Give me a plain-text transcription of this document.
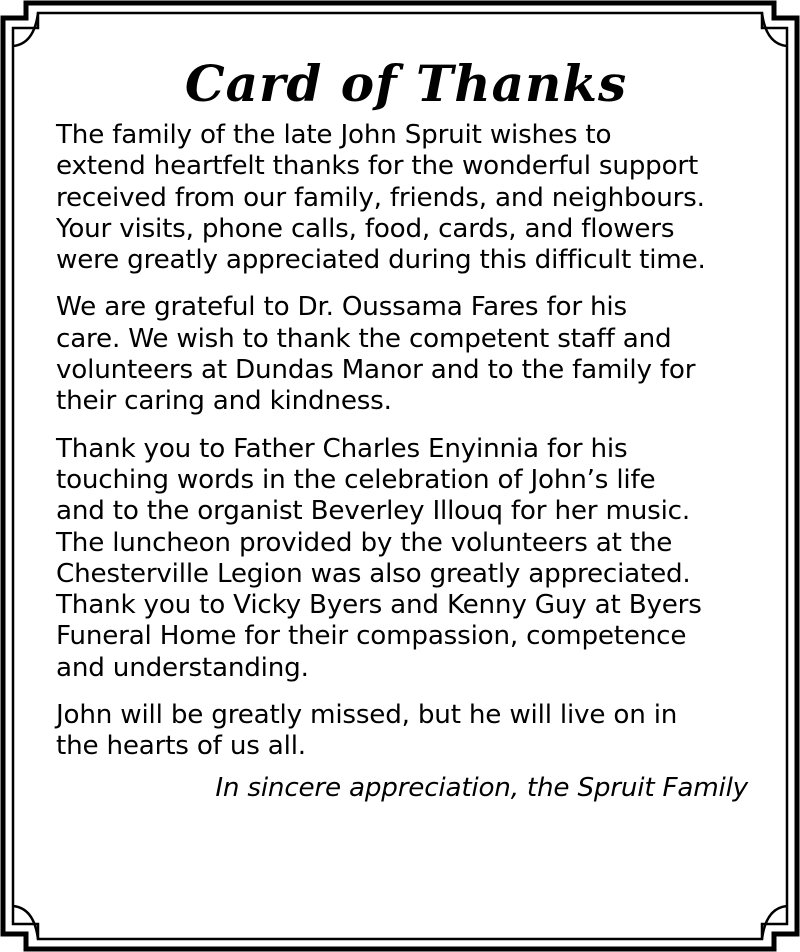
Card of Thanks

The family of the late John Spruit wishes to
extend heartfelt thanks for the wonderful support
received from our family, friends, and neighbours.
Your visits, phone calls, food, cards, and flowers
were greatly appreciated during this difficult time.

We are grateful to Dr. Oussama Fares for his
care. We wish to thank the competent staff and
volunteers at Dundas Manor and to the family for
their caring and kindness.

Thank you to Father Charles Enyinnia for his
touching words in the celebration of John’s life
and to the organist Beverley Illouq for her music.
The luncheon provided by the volunteers at the
Chesterville Legion was also greatly appreciated.
Thank you to Vicky Byers and Kenny Guy at Byers
Funeral Home for their compassion, competence
and understanding.

John will be greatly missed, but he will live on in
the hearts of us all.

In sincere appreciation, the Spruit Family
